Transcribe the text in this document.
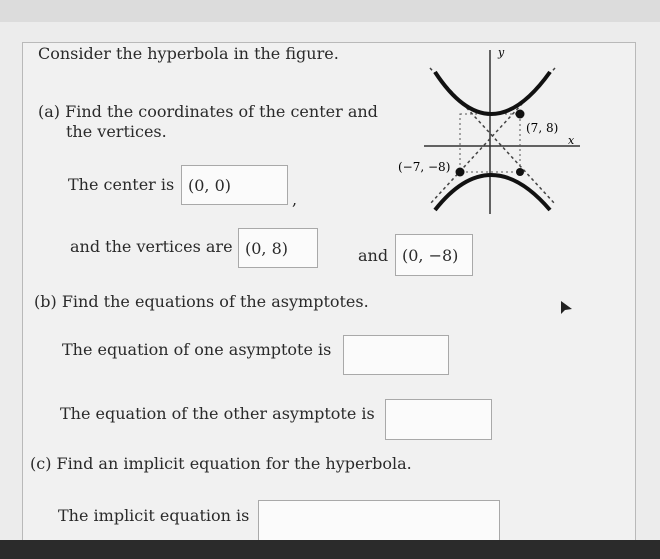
Consider the hyperbola in the figure.
(a) Find the coordinates of the center and
the vertices.
The center is (0, 0)
,
and the vertices are (0, 8)	and (0, −8)
(b) Find the equations of the asymptotes.
The equation of one asymptote is
The equation of the other asymptote is
(c) Find an implicit equation for the hyperbola.
The implicit equation is
y
x
(7, 8)
(−7, −8)
